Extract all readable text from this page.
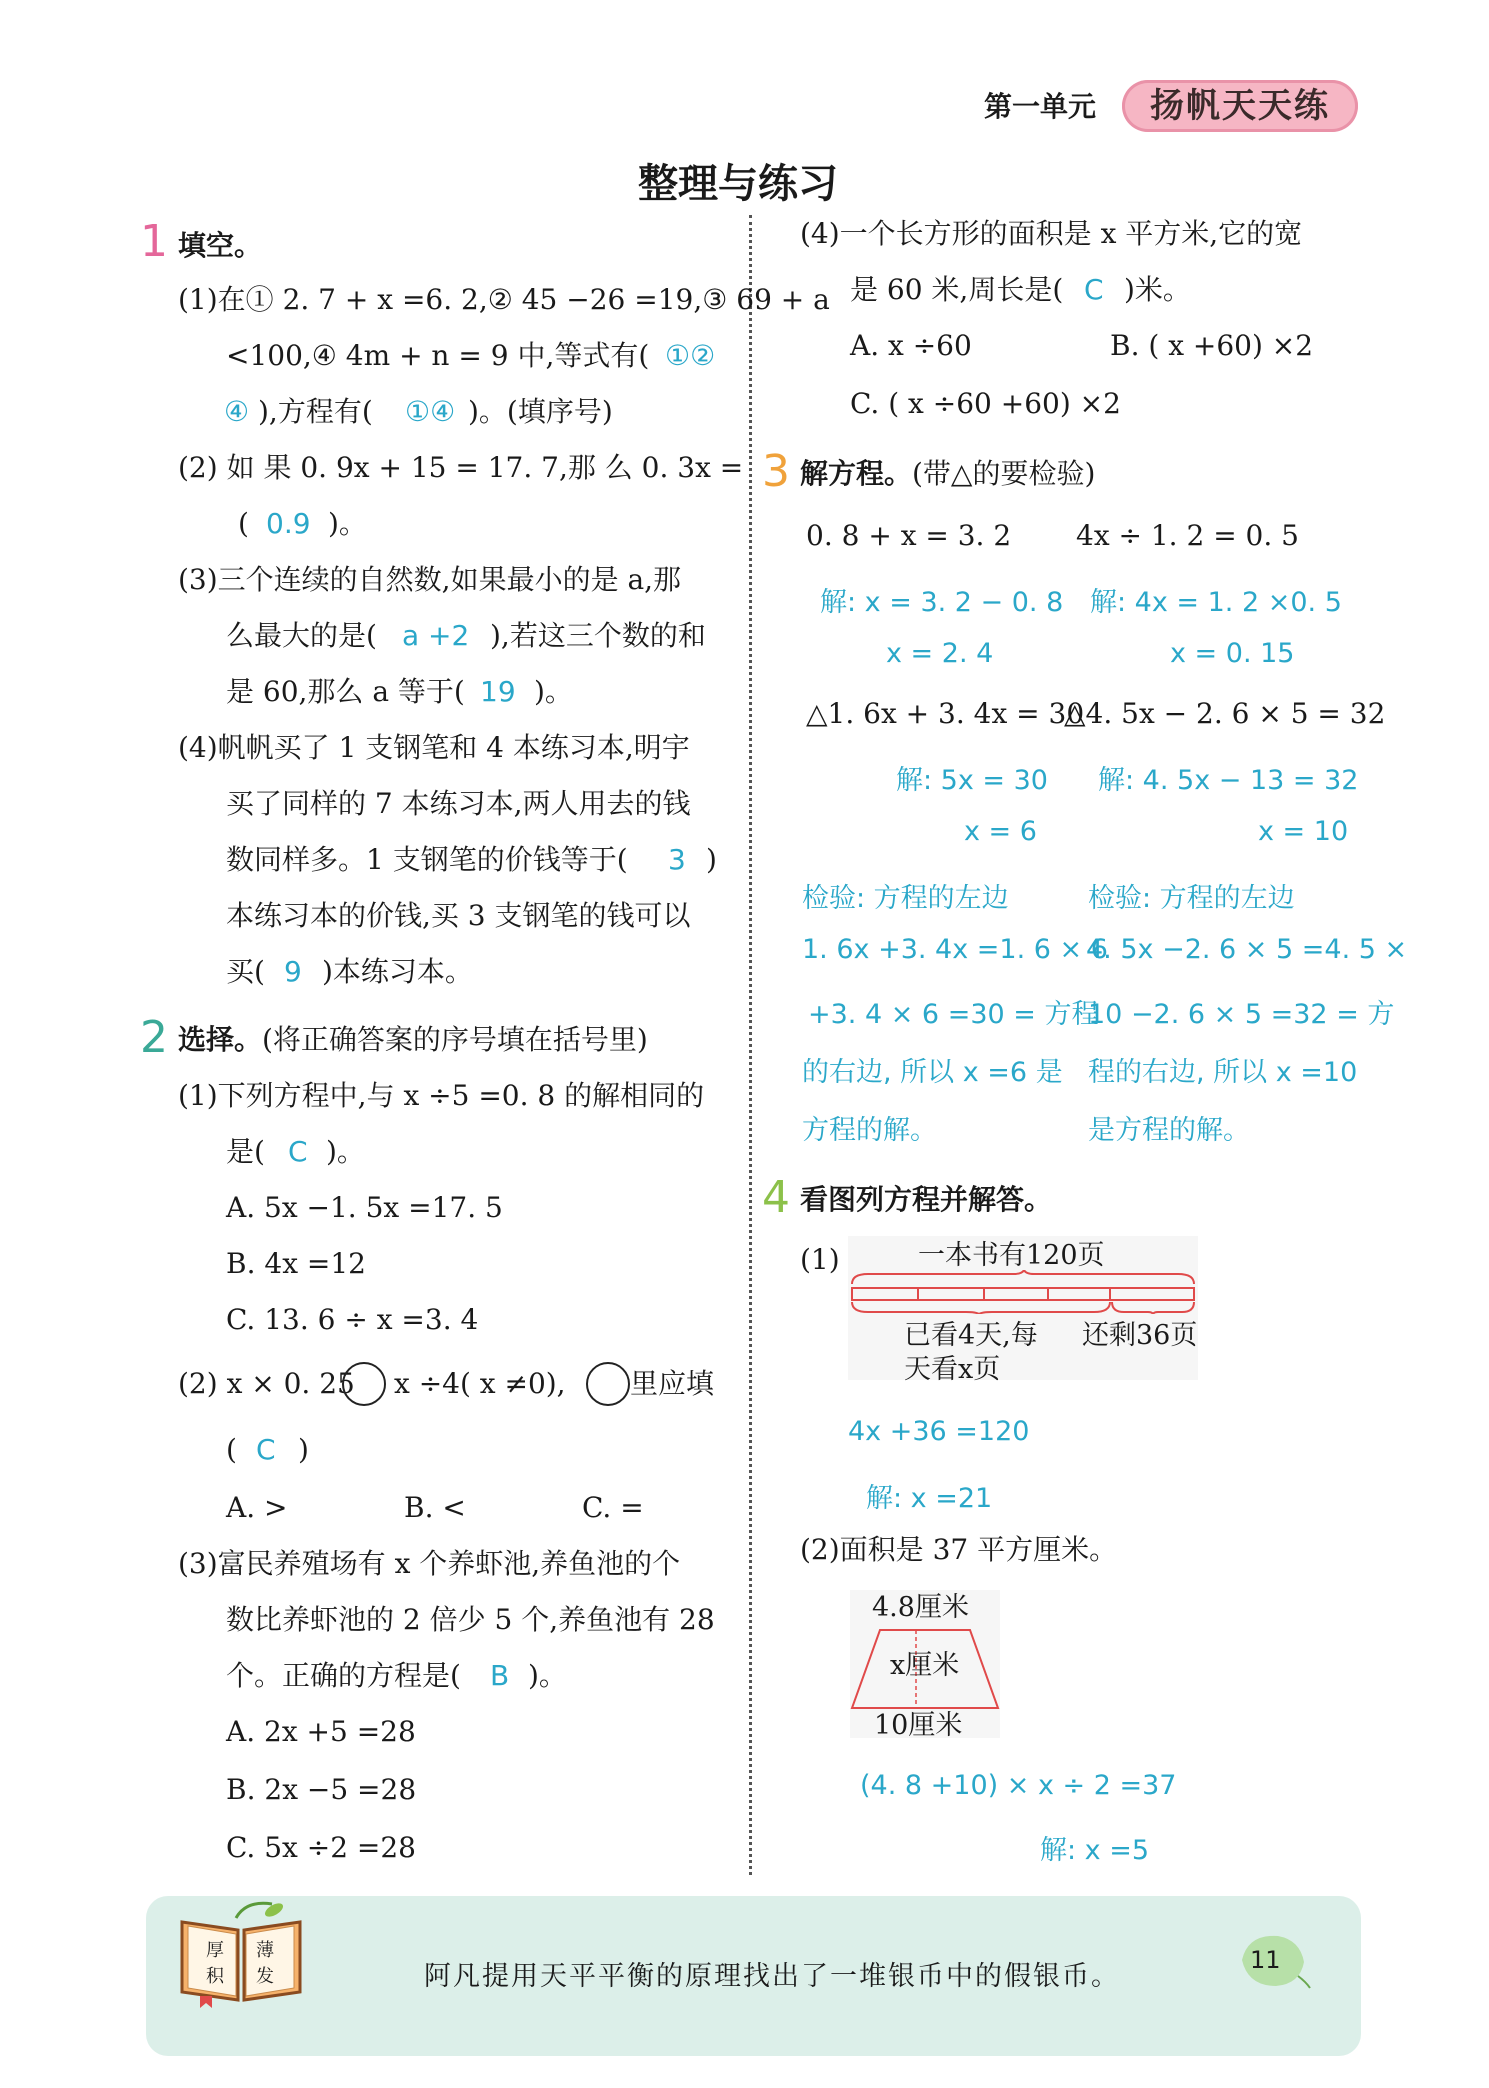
第一单元	扬帆天天练
整理与练习
1 填空。
(1)在① 2. 7 + x =6. 2,② 45 −26 =19,③ 69 + a
<100,④ 4m + n = 9 中,等式有( ①②
④ ),方程有( ①④ )。(填序号)
(2) 如 果 0. 9x + 15 = 17. 7,那 么 0. 3x =
( 0.9 )。
(3)三个连续的自然数,如果最小的是 a,那
么最大的是( a +2 ),若这三个数的和
是 60,那么 a 等于( 19 )。
(4)帆帆买了 1 支钢笔和 4 本练习本,明宇
买了同样的 7 本练习本,两人用去的钱
数同样多。1 支钢笔的价钱等于( 3 )
本练习本的价钱,买 3 支钢笔的钱可以
买( 9 )本练习本。
2 选择。 (将正确答案的序号填在括号里)
(1)下列方程中,与 x ÷5 =0. 8 的解相同的
是( C )。
A. 5x −1. 5x =17. 5
B. 4x =12
C. 13. 6 ÷ x =3. 4
(2) x × 0. 25 x ÷4( x ≠0), 里应填
( C )
A. >	B. <	C. =
(3)富民养殖场有 x 个养虾池,养鱼池的个
数比养虾池的 2 倍少 5 个,养鱼池有 28
个。正确的方程是( B )。
A. 2x +5 =28
B. 2x −5 =28
C. 5x ÷2 =28
(4)一个长方形的面积是 x 平方米,它的宽
是 60 米,周长是( C )米。
A. x ÷60	B. ( x +60) ×2
C. ( x ÷60 +60) ×2
3 解方程。 (带△的要检验)
0. 8 + x = 3. 2 4x ÷ 1. 2 = 0. 5
解: x = 3. 2 − 0. 8
x = 2. 4
解: 4x = 1. 2 ×0. 5
x = 0. 15
△1. 6x + 3. 4x = 30
△4. 5x − 2. 6 × 5 = 32
解: 5x = 30
x = 6
解: 4. 5x − 13 = 32
x = 10
检验: 方程的左边
1. 6x +3. 4x =1. 6 × 6
+3. 4 × 6 =30 = 方程
的右边, 所以 x =6 是
方程的解。
检验: 方程的左边
4. 5x −2. 6 × 5 =4. 5 ×
10 −2. 6 × 5 =32 = 方
程的右边, 所以 x =10
是方程的解。
4 看图列方程并解答。
(1)	一本书有120页
已看4天,每
天看x页
还剩36页
4x +36 =120
解: x =21
(2)面积是 37 平方厘米。
4.8厘米
x厘米
10厘米
(4. 8 +10) × x ÷ 2 =37
解: x =5
厚 薄
积 发	阿凡提用天平平衡的原理找出了一堆银币中的假银币。
11
